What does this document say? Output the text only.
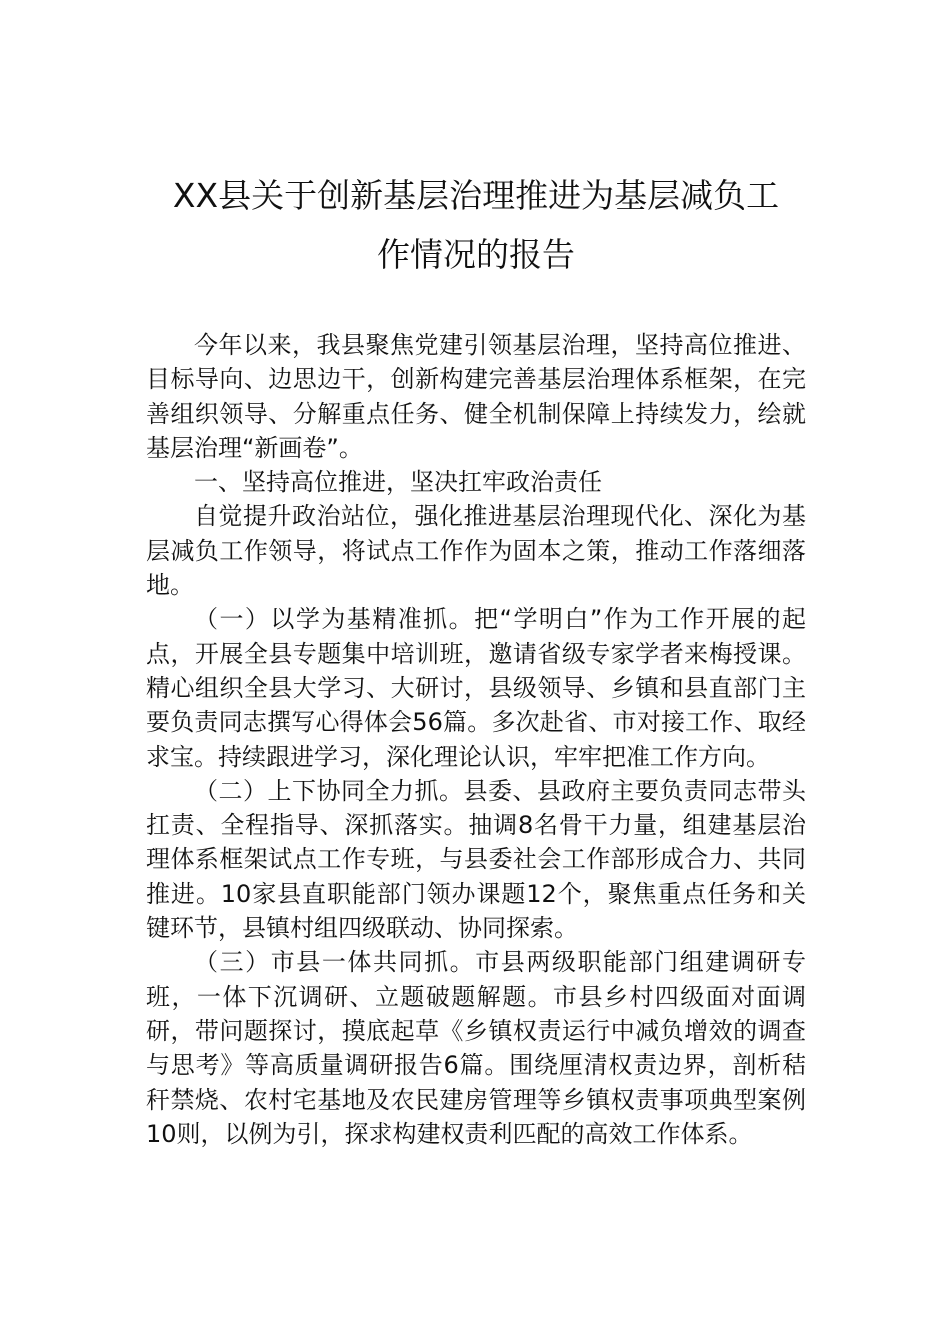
XX县关于创新基层治理推进为基层减负工
作情况的报告

今年以来，我县聚焦党建引领基层治理，坚持高位推进、目标导向、边思边干，创新构建完善基层治理体系框架，在完善组织领导、分解重点任务、健全机制保障上持续发力，绘就基层治理“新画卷”。

一、坚持高位推进，坚决扛牢政治责任

自觉提升政治站位，强化推进基层治理现代化、深化为基层减负工作领导，将试点工作作为固本之策，推动工作落细落地。

（一）以学为基精准抓。把“学明白”作为工作开展的起点，开展全县专题集中培训班，邀请省级专家学者来梅授课。精心组织全县大学习、大研讨，县级领导、乡镇和县直部门主要负责同志撰写心得体会56篇。多次赴省、市对接工作、取经求宝。持续跟进学习，深化理论认识，牢牢把准工作方向。

（二）上下协同全力抓。县委、县政府主要负责同志带头扛责、全程指导、深抓落实。抽调8名骨干力量，组建基层治理体系框架试点工作专班，与县委社会工作部形成合力、共同推进。10家县直职能部门领办课题12个，聚焦重点任务和关键环节，县镇村组四级联动、协同探索。

（三）市县一体共同抓。市县两级职能部门组建调研专班，一体下沉调研、立题破题解题。市县乡村四级面对面调研，带问题探讨，摸底起草《乡镇权责运行中减负增效的调查与思考》等高质量调研报告6篇。围绕厘清权责边界，剖析秸秆禁烧、农村宅基地及农民建房管理等乡镇权责事项典型案例10则，以例为引，探求构建权责利匹配的高效工作体系。
